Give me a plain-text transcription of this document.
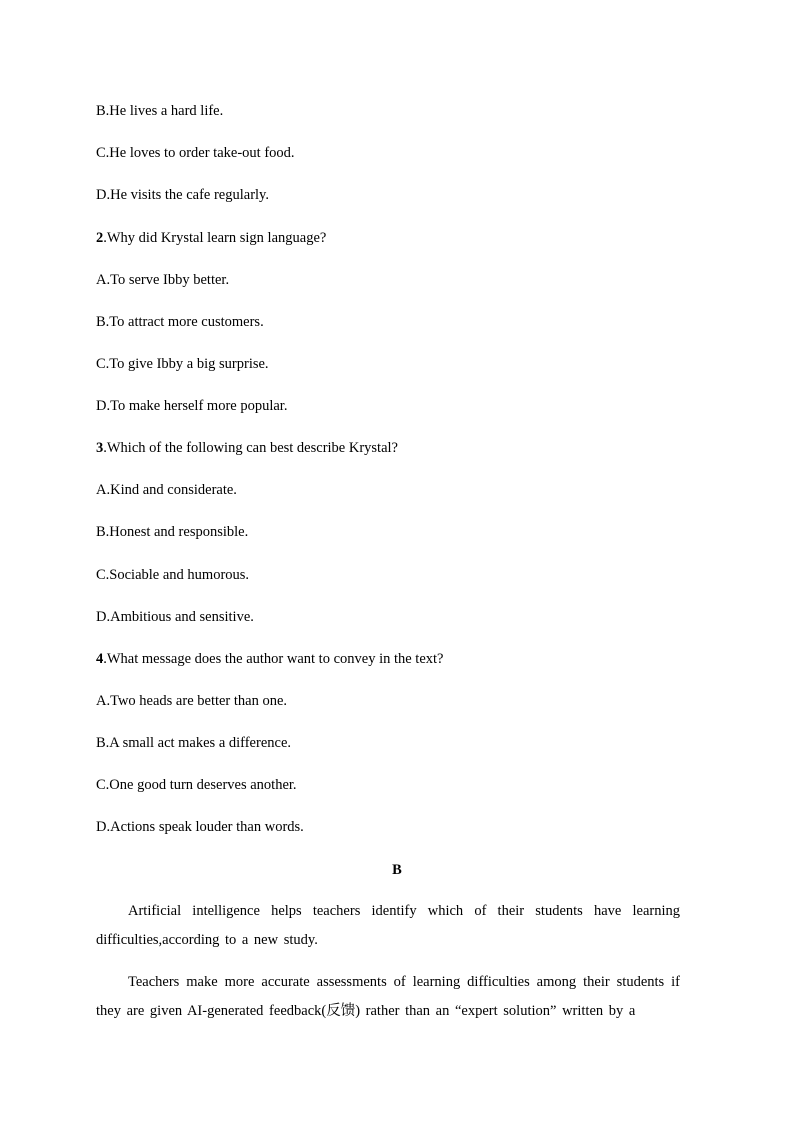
B.He lives a hard life.
C.He loves to order take-out food.
D.He visits the cafe regularly.
2.Why did Krystal learn sign language?
A.To serve Ibby better.
B.To attract more customers.
C.To give Ibby a big surprise.
D.To make herself more popular.
3.Which of the following can best describe Krystal?
A.Kind and considerate.
B.Honest and responsible.
C.Sociable and humorous.
D.Ambitious and sensitive.
4.What message does the author want to convey in the text?
A.Two heads are better than one.
B.A small act makes a difference.
C.One good turn deserves another.
D.Actions speak louder than words.
B
Artificial intelligence helps teachers identify which of their students have learning difficulties,according to a new study.
Teachers make more accurate assessments of learning difficulties among their students if they are given AI-generated feedback(反馈) rather than an “expert solution” written by a
